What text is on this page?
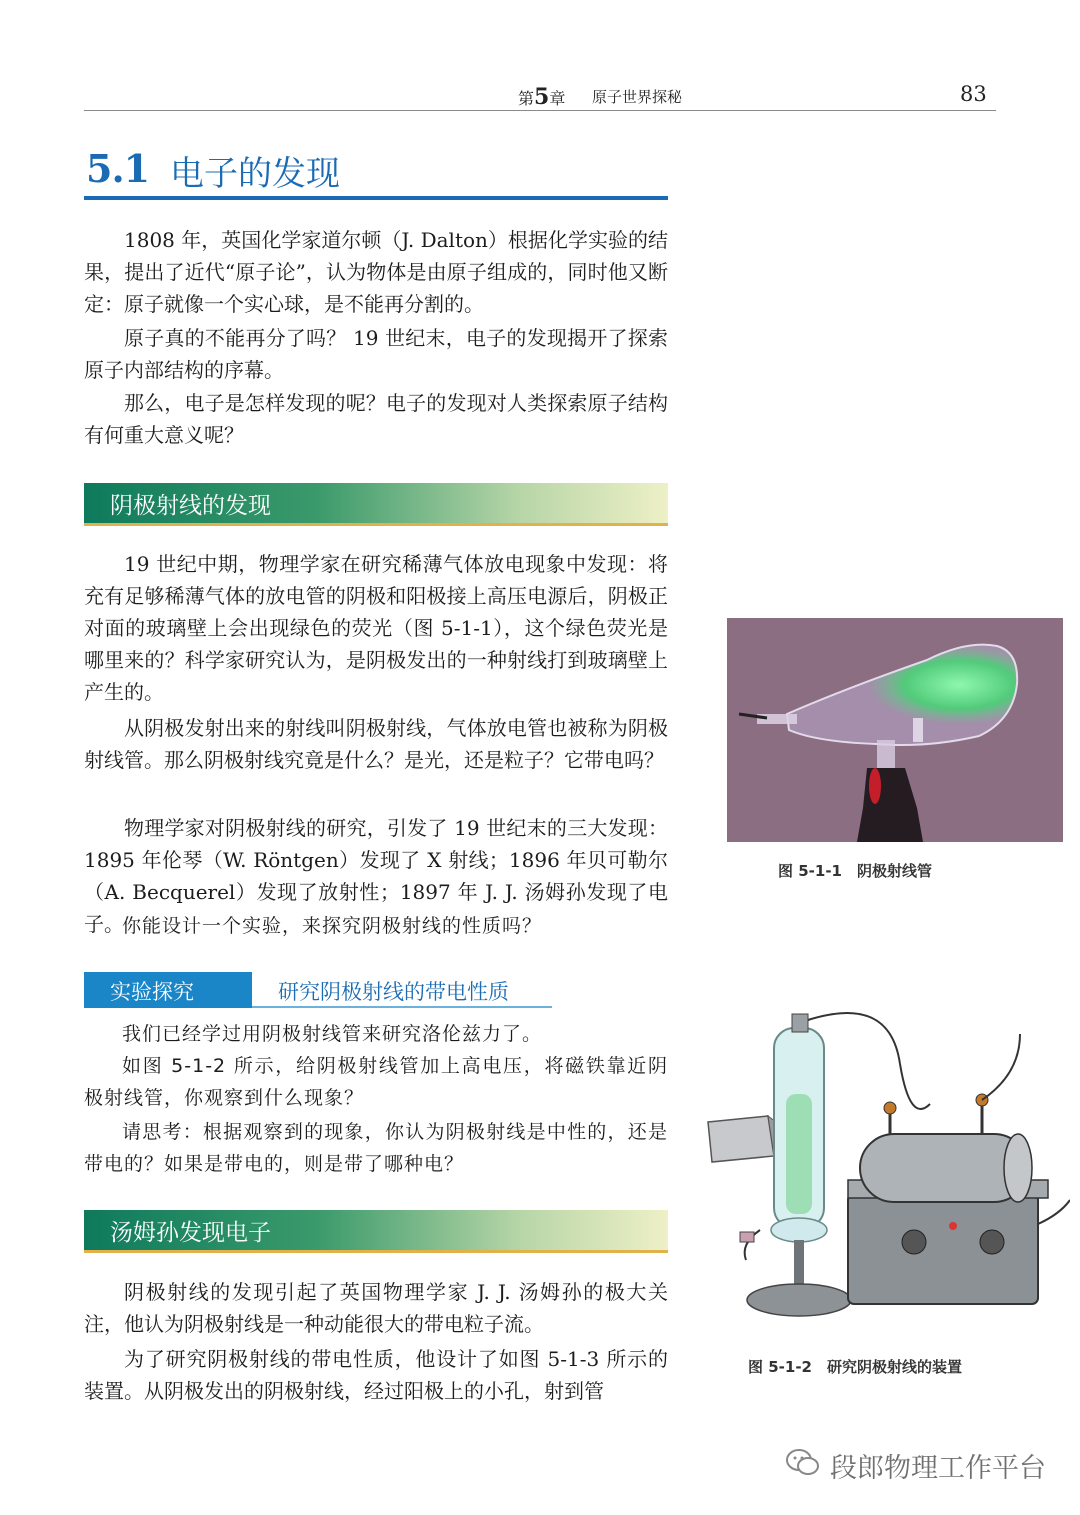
第5章 原子世界探秘	83
5.1 电子的发现

1808 年，英国化学家道尔顿（J. Dalton）根据化学实验的结果，提出了近代“原子论”，认为物体是由原子组成的，同时他又断定：原子就像一个实心球，是不能再分割的。

原子真的不能再分了吗？ 19 世纪末，电子的发现揭开了探索原子内部结构的序幕。

那么，电子是怎样发现的呢？电子的发现对人类探索原子结构有何重大意义呢？

阴极射线的发现

19 世纪中期，物理学家在研究稀薄气体放电现象中发现：将充有足够稀薄气体的放电管的阴极和阳极接上高压电源后，阴极正对面的玻璃壁上会出现绿色的荧光（图 5-1-1），这个绿色荧光是哪里来的？科学家研究认为，是阴极发出的一种射线打到玻璃壁上产生的。

从阴极发射出来的射线叫阴极射线，气体放电管也被称为阴极射线管。那么阴极射线究竟是什么？是光，还是粒子？它带电吗？

物理学家对阴极射线的研究，引发了 19 世纪末的三大发现：1895 年伦琴（W. Röntgen）发现了 X 射线；1896 年贝可勒尔（A. Becquerel）发现了放射性；1897 年 J. J. 汤姆孙发现了电子。

你能设计一个实验，来探究阴极射线的性质吗？

实验探究	研究阴极射线的带电性质

我们已经学过用阴极射线管来研究洛伦兹力了。

如图 5-1-2 所示，给阴极射线管加上高电压，将磁铁靠近阴极射线管，你观察到什么现象？

请思考：根据观察到的现象，你认为阴极射线是中性的，还是带电的？如果是带电的，则是带了哪种电？

汤姆孙发现电子

阴极射线的发现引起了英国物理学家 J. J. 汤姆孙的极大关注，他认为阴极射线是一种动能很大的带电粒子流。

为了研究阴极射线的带电性质，他设计了如图 5-1-3 所示的装置。从阴极发出的阴极射线，经过阳极上的小孔，射到管

图 5-1-1　阴极射线管
图 5-1-2　研究阴极射线的装置
段郎物理工作平台
